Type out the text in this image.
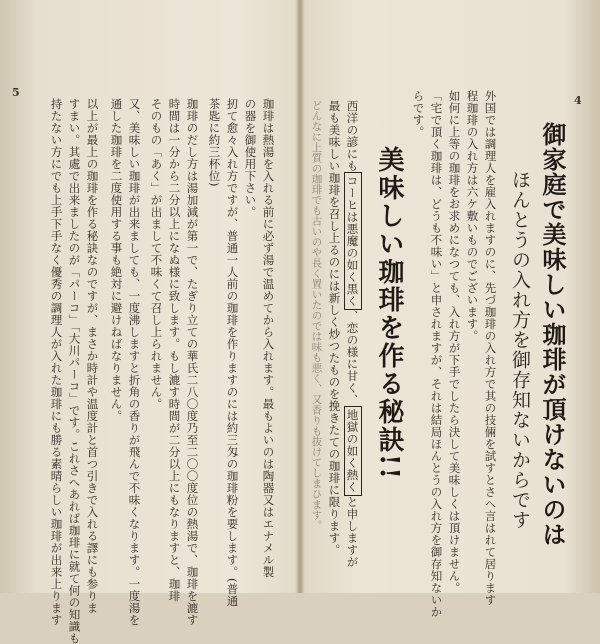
4
御家庭で美味しい珈琲が頂けないのは
ほんとうの入れ方を御存知ないからです
外国では調理人を雇入れますのに、先づ珈琲の入れ方で其の技倆を試すとさへ言はれて居ります
程珈琲の入れ方は六ケ敷いものでございます。
如何に上等の珈琲をお求めになつても、入れ方が下手でしたら決して美味しくは頂けません。
「宅で頂く珈琲は、どうも不味い」と申されますが、それは結局ほんとうの入れ方を御存知ないか
らです。
美味しい珈琲を作る秘訣!!
西洋の諺にもコーヒは悪魔の如く黒く、恋の様に甘く、地獄の如く熱くと申しますが
最も美味しい珈琲を召し上るのには新しく炒つたものを挽きたての珈琲に限ります。
どんなに上質の珈琲でも古いのや長く置いたのでは味も悪く、又香りも抜けてしまひます。
5
珈琲は熱湯を入れる前に必ず湯で温めてから入れます。最もよいのは陶器又はエナメル製
の器を御使用下さい。
扨て愈々入れ方ですが、普通一人前の珈琲を作りますのには約三匁の珈琲粉を要します。(普通
茶匙に約三杯位)
珈琲のだし方は湯加減が第一で、たぎり立ての華氏二八〇度乃至二〇〇度位の熱湯で、珈琲を漉す
時間は一分から二分以上になぬ様に致します。もし漉す時間が二分以上にもなりますと、珈琲
そのもの「あく」が出まして不味くて召し上られません。
又、美味しい珈琲が出来ましても、一度沸しますと折角の香りが飛んで不味くなります。一度湯を
通した珈琲を二度使用する事も絶対に避けねばなりません。
以上が最上の珈琲を作る秘訣なのですが、まさか時計や温度計と首つ引きで入れる譯にも参りま
すまい。其處で出来ましたのが「パーコ」「大川パーコ」です。これさへあれば珈琲に就て何の知識も
持たない方にでも上手下手なく優秀の調理人が入れた珈琲にも勝る素晴らしい珈琲が出来上ります
